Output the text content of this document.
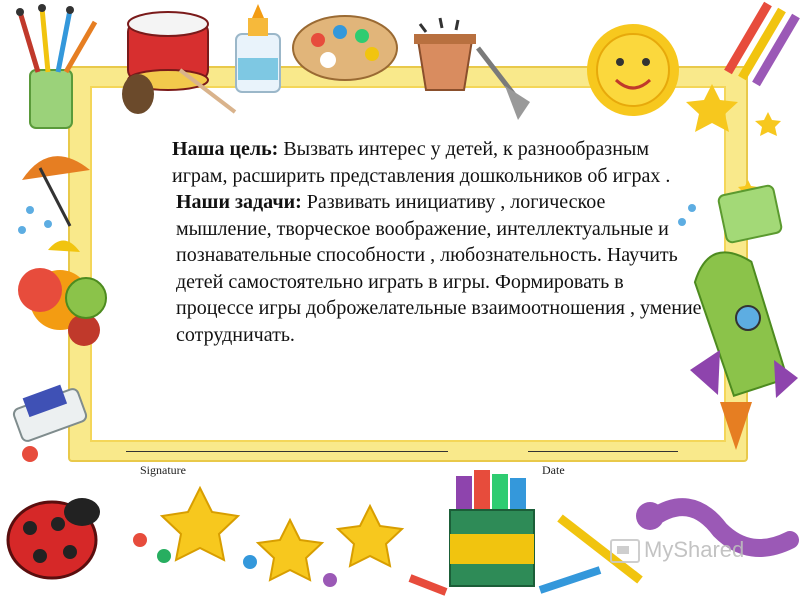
Наша цель: Вызвать интерес у детей, к разнообразным играм, расширить представления дошкольников об играх .

Наши задачи: Развивать инициативу , логическое мышление, творческое воображение, интеллектуальные и познавательные способности , любознательность. Научить детей самостоятельно играть в игры. Формировать в процессе игры доброжелательные взаимоотношения , умение сотрудничать.

Signature	Date
MyShared
